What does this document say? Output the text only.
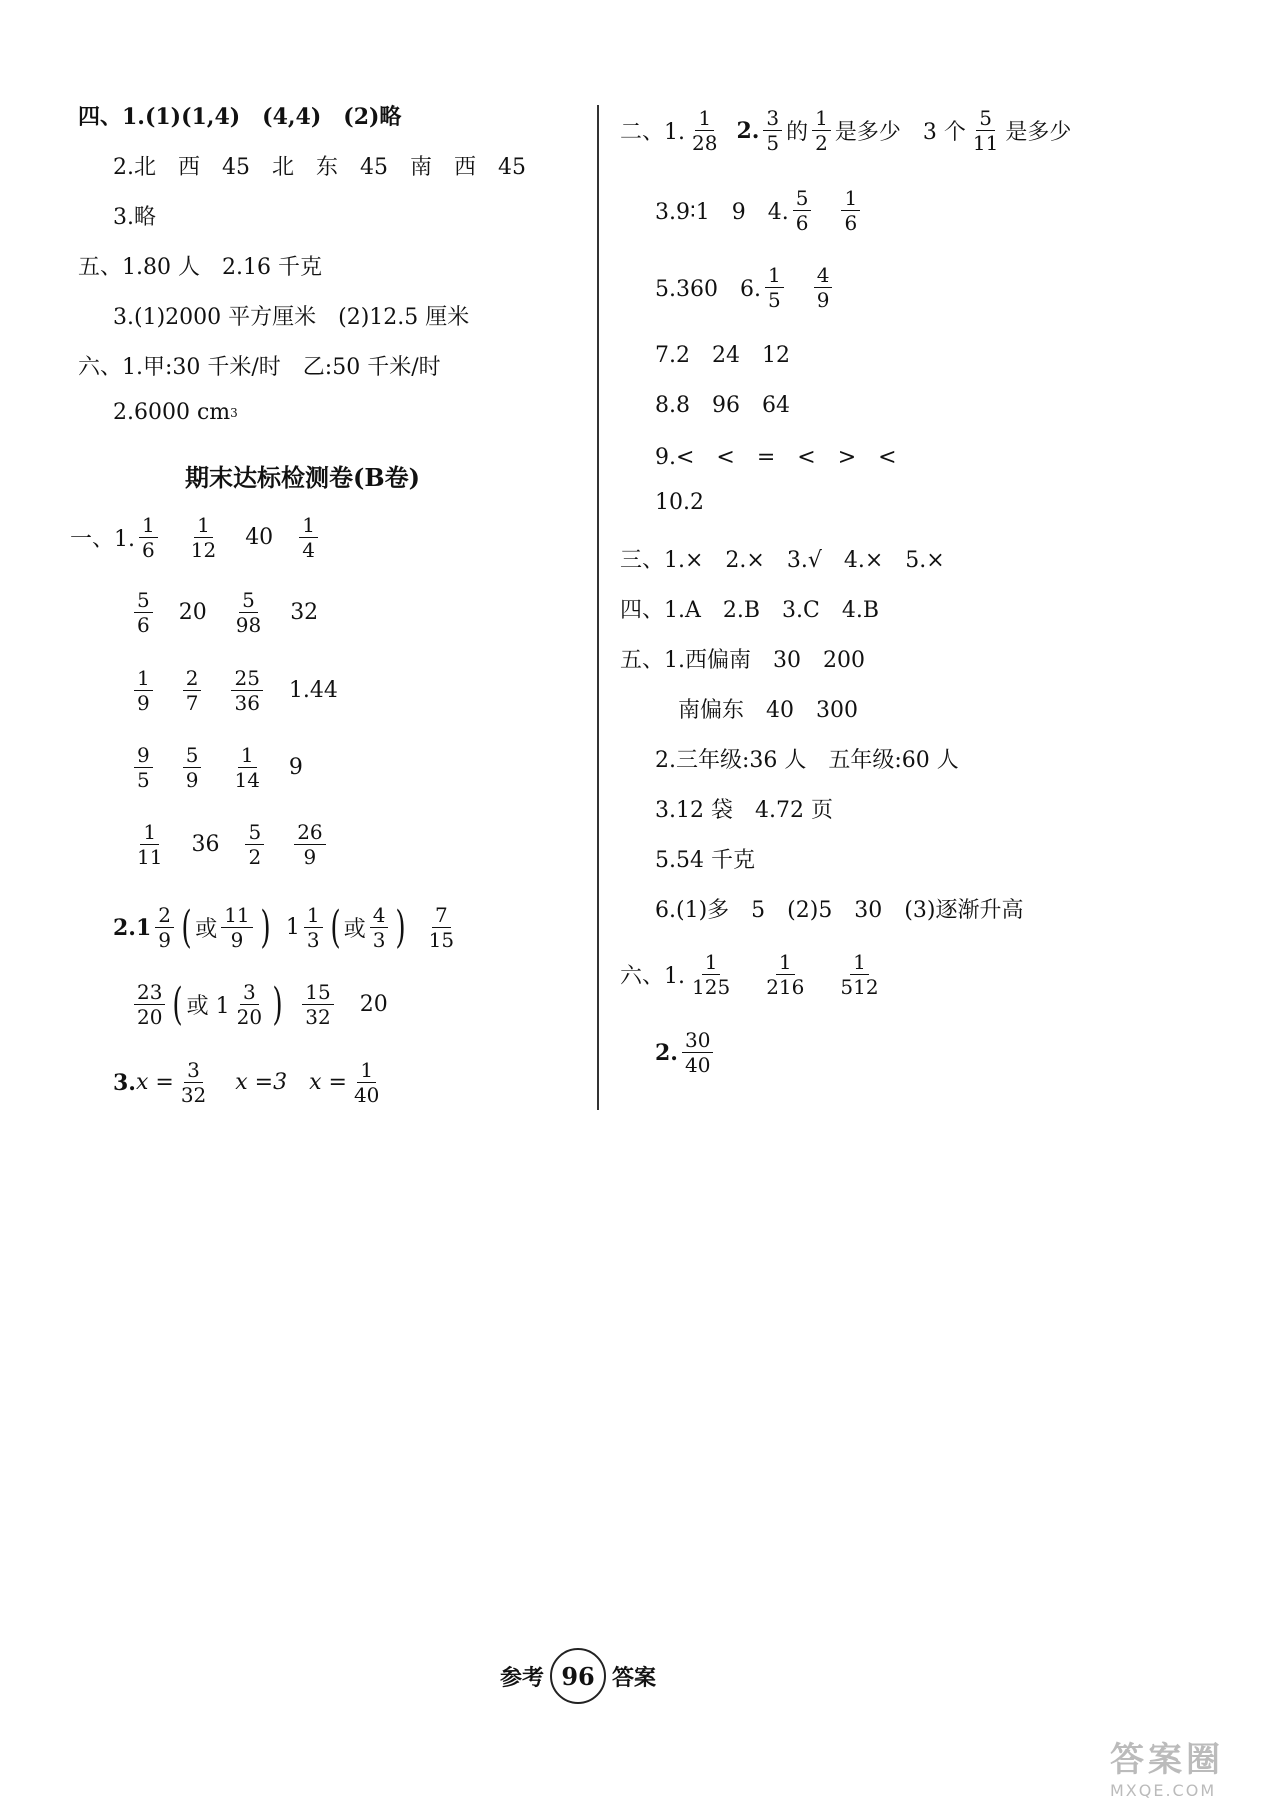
四、1.(1)(1,4)　(4,4)　(2)略
2.北　西　45　北　东　45　南　西　45
3.略
五、1.80 人　2.16 千克
3.(1)2000 平方厘米　(2)12.5 厘米
六、1.甲:30 千米/时　乙:50 千米/时
2.6000 cm 3
期末达标检测卷(B卷)
一、1. $\frac{1}{6} \frac{1}{12} 40 \frac{1}{4}$
$\frac{5}{6} 20 \frac{5}{98} 32$
$\frac{1}{9} \frac{2}{7} \frac{25}{36} 1.44$
$\frac{9}{5} \frac{5}{9} \frac{1}{14} 9$
$\frac{1}{11} 36 \frac{5}{2} \frac{26}{9}$
$2.1 \frac{2}{9}$ ( 或 $\frac{11}{9}$ ) $1 \frac{1}{3}$ ( 或 $\frac{4}{3}$ ) $\frac{7}{15}$
$\frac{23}{20}$ ( 或 $1 \frac{3}{20}$ ) $\frac{15}{32} 20$
3. $x = \frac{3}{32}$ x =3 $x = \frac{1}{40}$
二、1. $\frac{1}{28} 2$. $\frac{3}{5}$ 的 $\frac{1}{2}$ 是多少　3 个 $\frac{5}{11}$ 是多少
3.9∶1　9　4. $\frac{5}{6} \frac{1}{6}$
5.360　6. $\frac{1}{5} \frac{4}{9}$
7.2　24　12
8.8　96　64
9.<　<　=　<　>　<
10.2
三、1.×　2.×　3.√　4.×　5.×
四、1.A　2.B　3.C　4.B
五、1.西偏南　30　200
南偏东　40　300
2.三年级:36 人　五年级:60 人
3.12 袋　4.72 页
5.54 千克
6.(1)多　5　(2)5　30　(3)逐渐升高
六、1. $\frac{1}{125} \frac{1}{216} \frac{1}{512}$
2. $\frac{30}{40}$
参考 96 答案
答案圈
MXQE.COM
